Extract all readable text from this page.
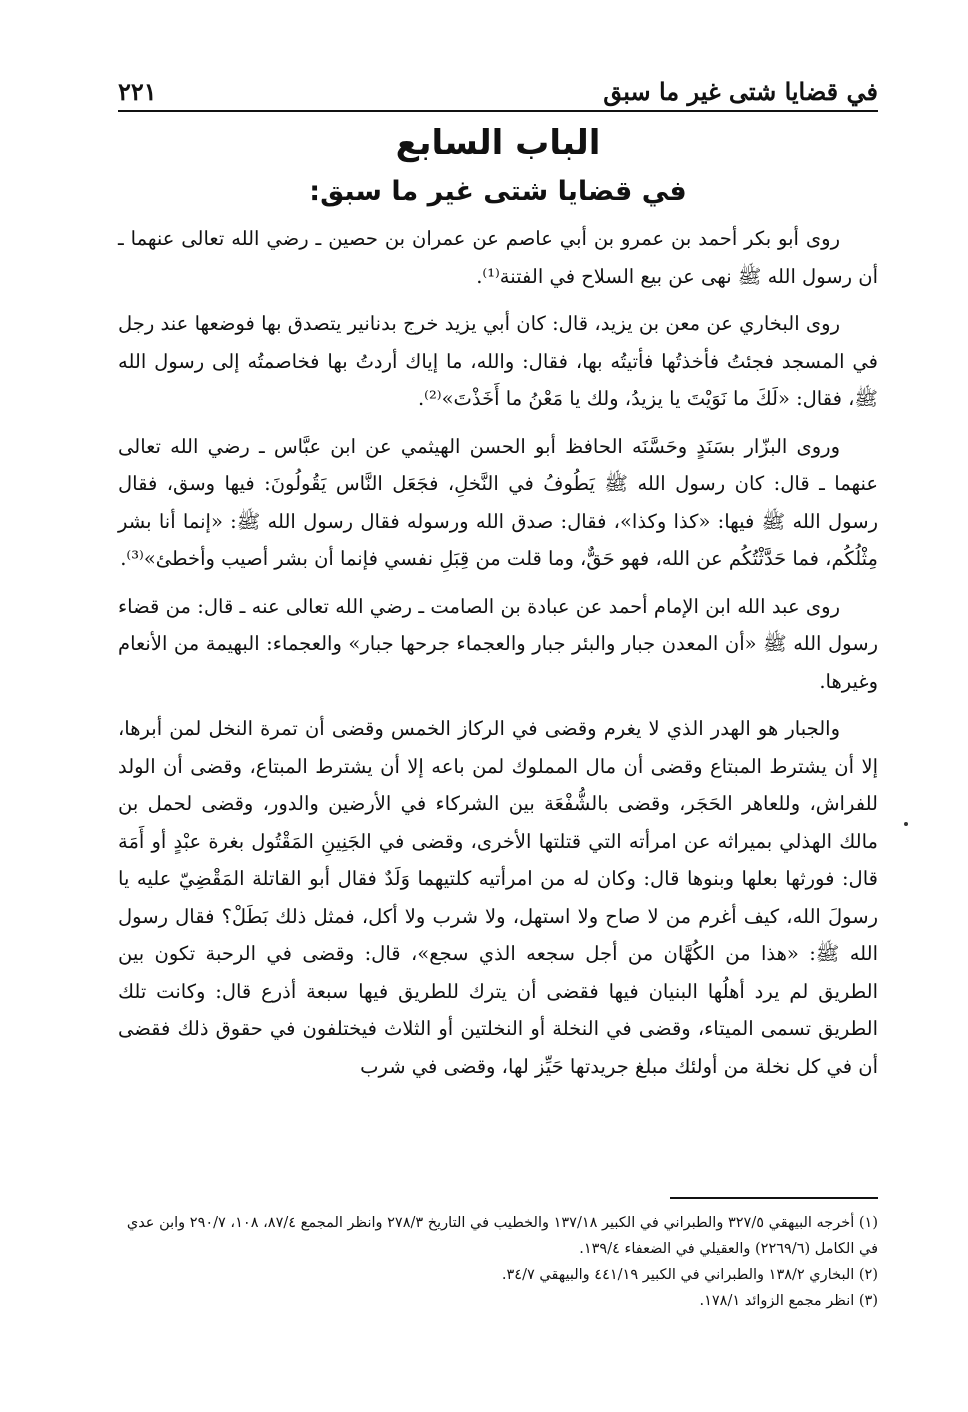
في قضايا شتى غير ما سبق
٢٢١
الباب السابع
في قضايا شتى غير ما سبق:

روى أبو بكر أحمد بن عمرو بن أبي عاصم عن عمران بن حصين ـ رضي الله تعالى عنهما ـ أن رسول الله ﷺ نهى عن بيع السلاح في الفتنة⁽¹⁾.

روى البخاري عن معن بن يزيد، قال: كان أبي يزيد خرج بدنانير يتصدق بها فوضعها عند رجل في المسجد فجئتُ فأخذتُها فأتيتُه بها، فقال: والله، ما إياك أردتُ بها فخاصمتُه إلى رسول الله ﷺ، فقال: «لَكَ ما نَوَيْتَ يا يزيدُ، ولك يا مَعْنُ ما أَخَذْتَ»⁽²⁾.

وروى البزّار بسَنَدٍ وحَسَّنَه الحافظ أبو الحسن الهيثمي عن ابن عبَّاس ـ رضي الله تعالى عنهما ـ قال: كان رسول الله ﷺ يَطُوفُ في النَّخلِ، فجَعَل النَّاس يَقُولُونَ: فيها وسق، فقال رسول الله ﷺ فيها: «كذا وكذا»، فقال: صدق الله ورسوله فقال رسول الله ﷺ: «إنما أنا بشر مِثْلُكُم، فما حَدَّثْتُكُم عن الله، فهو حَقٌّ، وما قلت من قِبَلِ نفسي فإنما أن بشر أصيب وأخطئ»⁽³⁾.

روى عبد الله ابن الإمام أحمد عن عبادة بن الصامت ـ رضي الله تعالى عنه ـ قال: من قضاء رسول الله ﷺ «أن المعدن جبار والبئر جبار والعجماء جرحها جبار» والعجماء: البهيمة من الأنعام وغيرها.

والجبار هو الهدر الذي لا يغرم وقضى في الركاز الخمس وقضى أن تمرة النخل لمن أبرها، إلا أن يشترط المبتاع وقضى أن مال المملوك لمن باعه إلا أن يشترط المبتاع، وقضى أن الولد للفراش، وللعاهر الحَجَر، وقضى بالشُّفْعَة بين الشركاء في الأرضين والدور، وقضى لحمل بن مالك الهذلي بميراثه عن امرأته التي قتلتها الأخرى، وقضى في الجَنِينِ المَقْتُول بغرة عبْدٍ أو أَمَة قال: فورثها بعلها وبنوها قال: وكان له من امرأتيه كلتيهما وَلَدٌ فقال أبو القاتلة المَقْضِيّ عليه يا رسولَ الله، كيف أغرم من لا صاح ولا استهل، ولا شرب ولا أكل، فمثل ذلك بَطَلْ؟ فقال رسول الله ﷺ: «هذا من الكُهَّان من أجل سجعه الذي سجع»، قال: وقضى في الرحبة تكون بين الطريق لم يرد أهلُها البنيان فيها فقضى أن يترك للطريق فيها سبعة أذرع قال: وكانت تلك الطريق تسمى الميتاء، وقضى في النخلة أو النخلتين أو الثلاث فيختلفون في حقوق ذلك فقضى أن في كل نخلة من أولئك مبلغ جريدتها حَيِّز لها، وقضى في شرب

(١) أخرجه البيهقي ٣٢٧/٥ والطبراني في الكبير ١٣٧/١٨ والخطيب في التاريخ ٢٧٨/٣ وانظر المجمع ٨٧/٤، ١٠٨، ٢٩٠/٧ وابن عدي في الكامل (٢٢٦٩/٦) والعقيلي في الضعفاء ١٣٩/٤.

(٢) البخاري ١٣٨/٢ والطبراني في الكبير ٤٤١/١٩ والبيهقي ٣٤/٧.

(٣) انظر مجمع الزوائد ١٧٨/١.
